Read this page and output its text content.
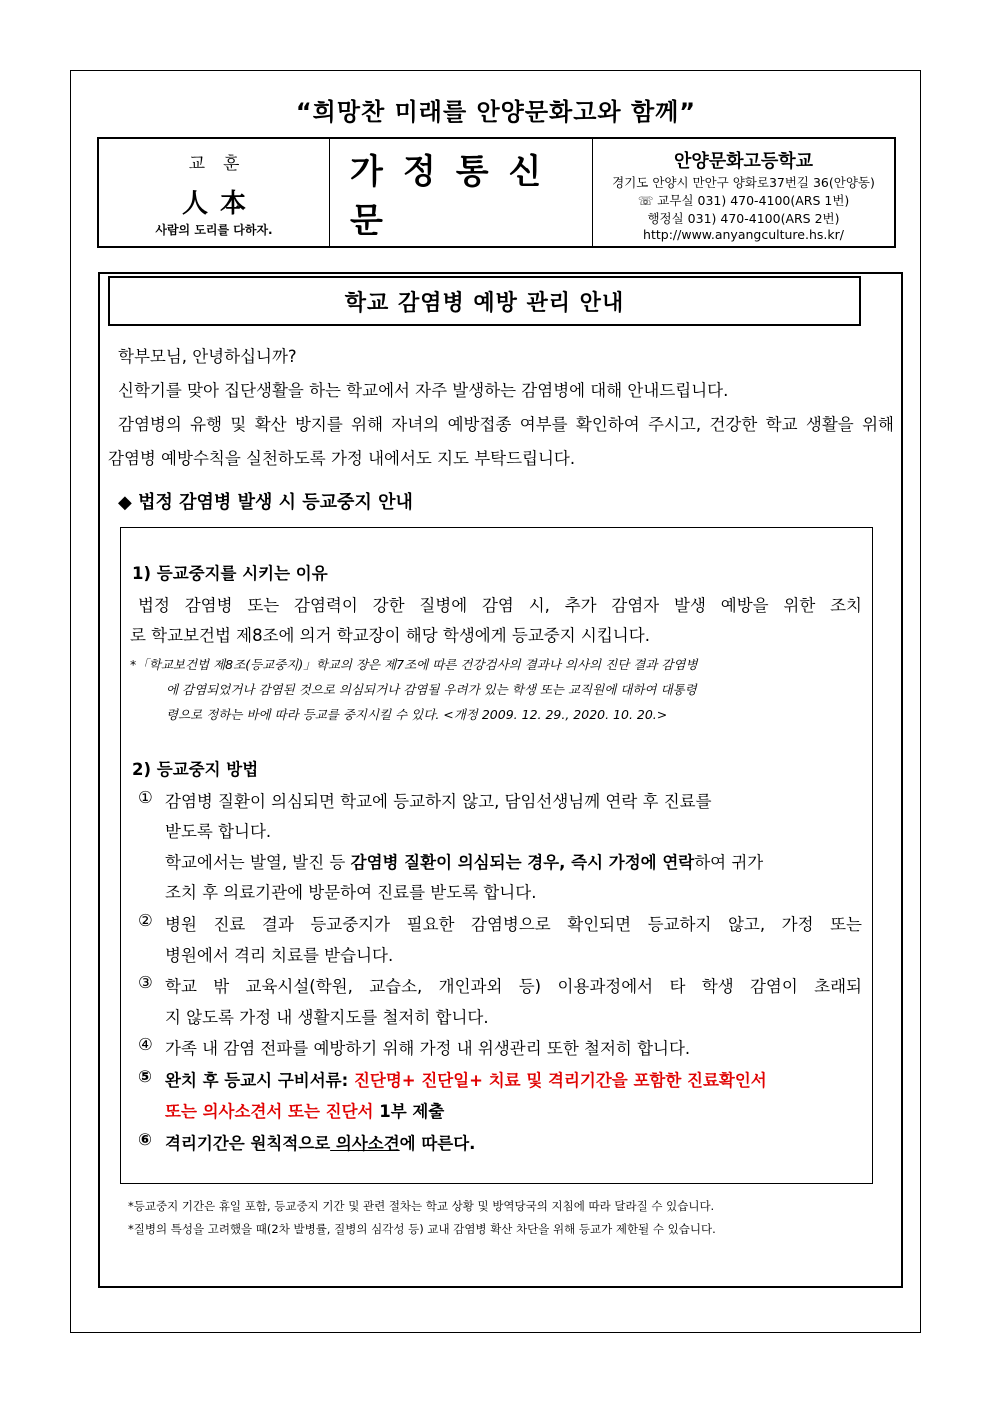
“희망찬 미래를 안양문화고와 함께”
교훈
人本
사람의 도리를 다하자.
가정통신문
안양문화고등학교
경기도 안양시 만안구 양화로37번길 36(안양동)
☏ 교무실 031) 470-4100(ARS 1번)
행정실 031) 470-4100(ARS 2번)
http://www.anyangculture.hs.kr/
학교 감염병 예방 관리 안내
학부모님, 안녕하십니까?
신학기를 맞아 집단생활을 하는 학교에서 자주 발생하는 감염병에 대해 안내드립니다.
감염병의 유행 및 확산 방지를 위해 자녀의 예방접종 여부를 확인하여 주시고, 건강한 학교 생활을 위해
감염병 예방수칙을 실천하도록 가정 내에서도 지도 부탁드립니다.
◆ 법정 감염병 발생 시 등교중지 안내
1) 등교중지를 시키는 이유
법정 감염병 또는 감염력이 강한 질병에 감염 시, 추가 감염자 발생 예방을 위한 조치
로 학교보건법 제8조에 의거 학교장이 해당 학생에게 등교중지 시킵니다.
*「학교보건법 제8조(등교중지)」학교의 장은 제7조에 따른 건강검사의 결과나 의사의 진단 결과 감염병
에 감염되었거나 감염된 것으로 의심되거나 감염될 우려가 있는 학생 또는 교직원에 대하여 대통령
령으로 정하는 바에 따라 등교를 중지시킬 수 있다. <개정 2009. 12. 29., 2020. 10. 20.>
2) 등교중지 방법
① 감염병 질환이 의심되면 학교에 등교하지 않고, 담임선생님께 연락 후 진료를
받도록 합니다.
학교에서는 발열, 발진 등 감염병 질환이 의심되는 경우, 즉시 가정에 연락하여 귀가
조치 후 의료기관에 방문하여 진료를 받도록 합니다.
② 병원 진료 결과 등교중지가 필요한 감염병으로 확인되면 등교하지 않고, 가정 또는
병원에서 격리 치료를 받습니다.
③ 학교 밖 교육시설(학원, 교습소, 개인과외 등) 이용과정에서 타 학생 감염이 초래되
지 않도록 가정 내 생활지도를 철저히 합니다.
④ 가족 내 감염 전파를 예방하기 위해 가정 내 위생관리 또한 철저히 합니다.
⑤ 완치 후 등교시 구비서류: 진단명+ 진단일+ 치료 및 격리기간을 포함한 진료확인서
또는 의사소견서 또는 진단서 1부 제출
⑥ 격리기간은 원칙적으로 의사소견에 따른다.
*등교중지 기간은 휴일 포함, 등교중지 기간 및 관련 절차는 학교 상황 및 방역당국의 지침에 따라 달라질 수 있습니다.
*질병의 특성을 고려했을 때(2차 발병률, 질병의 심각성 등) 교내 감염병 확산 차단을 위해 등교가 제한될 수 있습니다.
